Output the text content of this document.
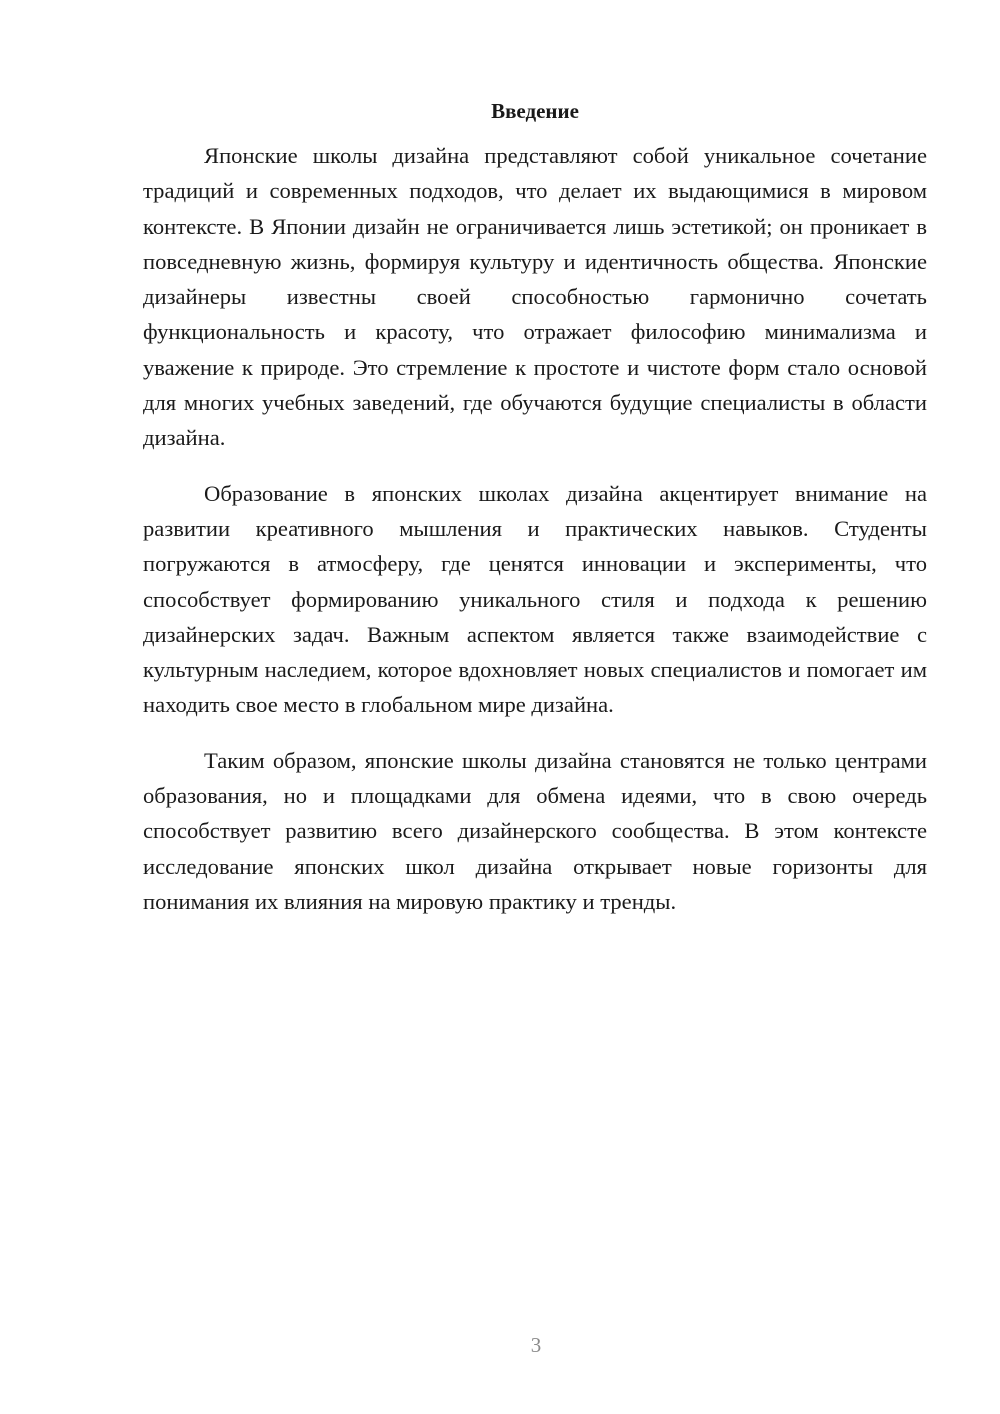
Введение

Японские школы дизайна представляют собой уникальное сочетание традиций и современных подходов, что делает их выдающимися в мировом контексте. В Японии дизайн не ограничивается лишь эстетикой; он проникает в повседневную жизнь, формируя культуру и идентичность общества. Японские дизайнеры известны своей способностью гармонично сочетать функциональность и красоту, что отражает философию минимализма и уважение к природе. Это стремление к простоте и чистоте форм стало основой для многих учебных заведений, где обучаются будущие специалисты в области дизайна.

Образование в японских школах дизайна акцентирует внимание на развитии креативного мышления и практических навыков. Студенты погружаются в атмосферу, где ценятся инновации и эксперименты, что способствует формированию уникального стиля и подхода к решению дизайнерских задач. Важным аспектом является также взаимодействие с культурным наследием, которое вдохновляет новых специалистов и помогает им находить свое место в глобальном мире дизайна.

Таким образом, японские школы дизайна становятся не только центрами образования, но и площадками для обмена идеями, что в свою очередь способствует развитию всего дизайнерского сообщества. В этом контексте исследование японских школ дизайна открывает новые горизонты для понимания их влияния на мировую практику и тренды.

3
